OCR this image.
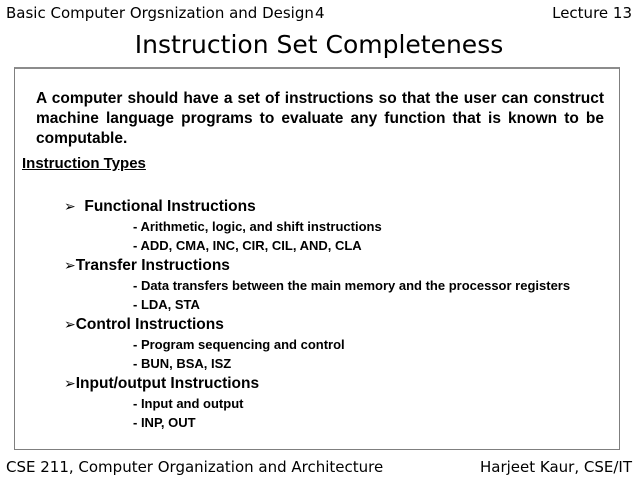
Basic Computer Orgsnization and Design 4	Lecture 13
Instruction Set Completeness
A computer should have a set of instructions so that the user can construct machine language programs to evaluate any function that is known to be computable.
Instruction Types
➢ Functional Instructions
- Arithmetic, logic, and shift instructions
- ADD, CMA, INC, CIR, CIL, AND, CLA
➢Transfer Instructions
- Data transfers between the main memory and the processor registers
- LDA, STA
➢Control Instructions
- Program sequencing and control
- BUN, BSA, ISZ
➢Input/output Instructions
- Input and output
- INP, OUT
CSE 211, Computer Organization and Architecture	Harjeet Kaur, CSE/IT
